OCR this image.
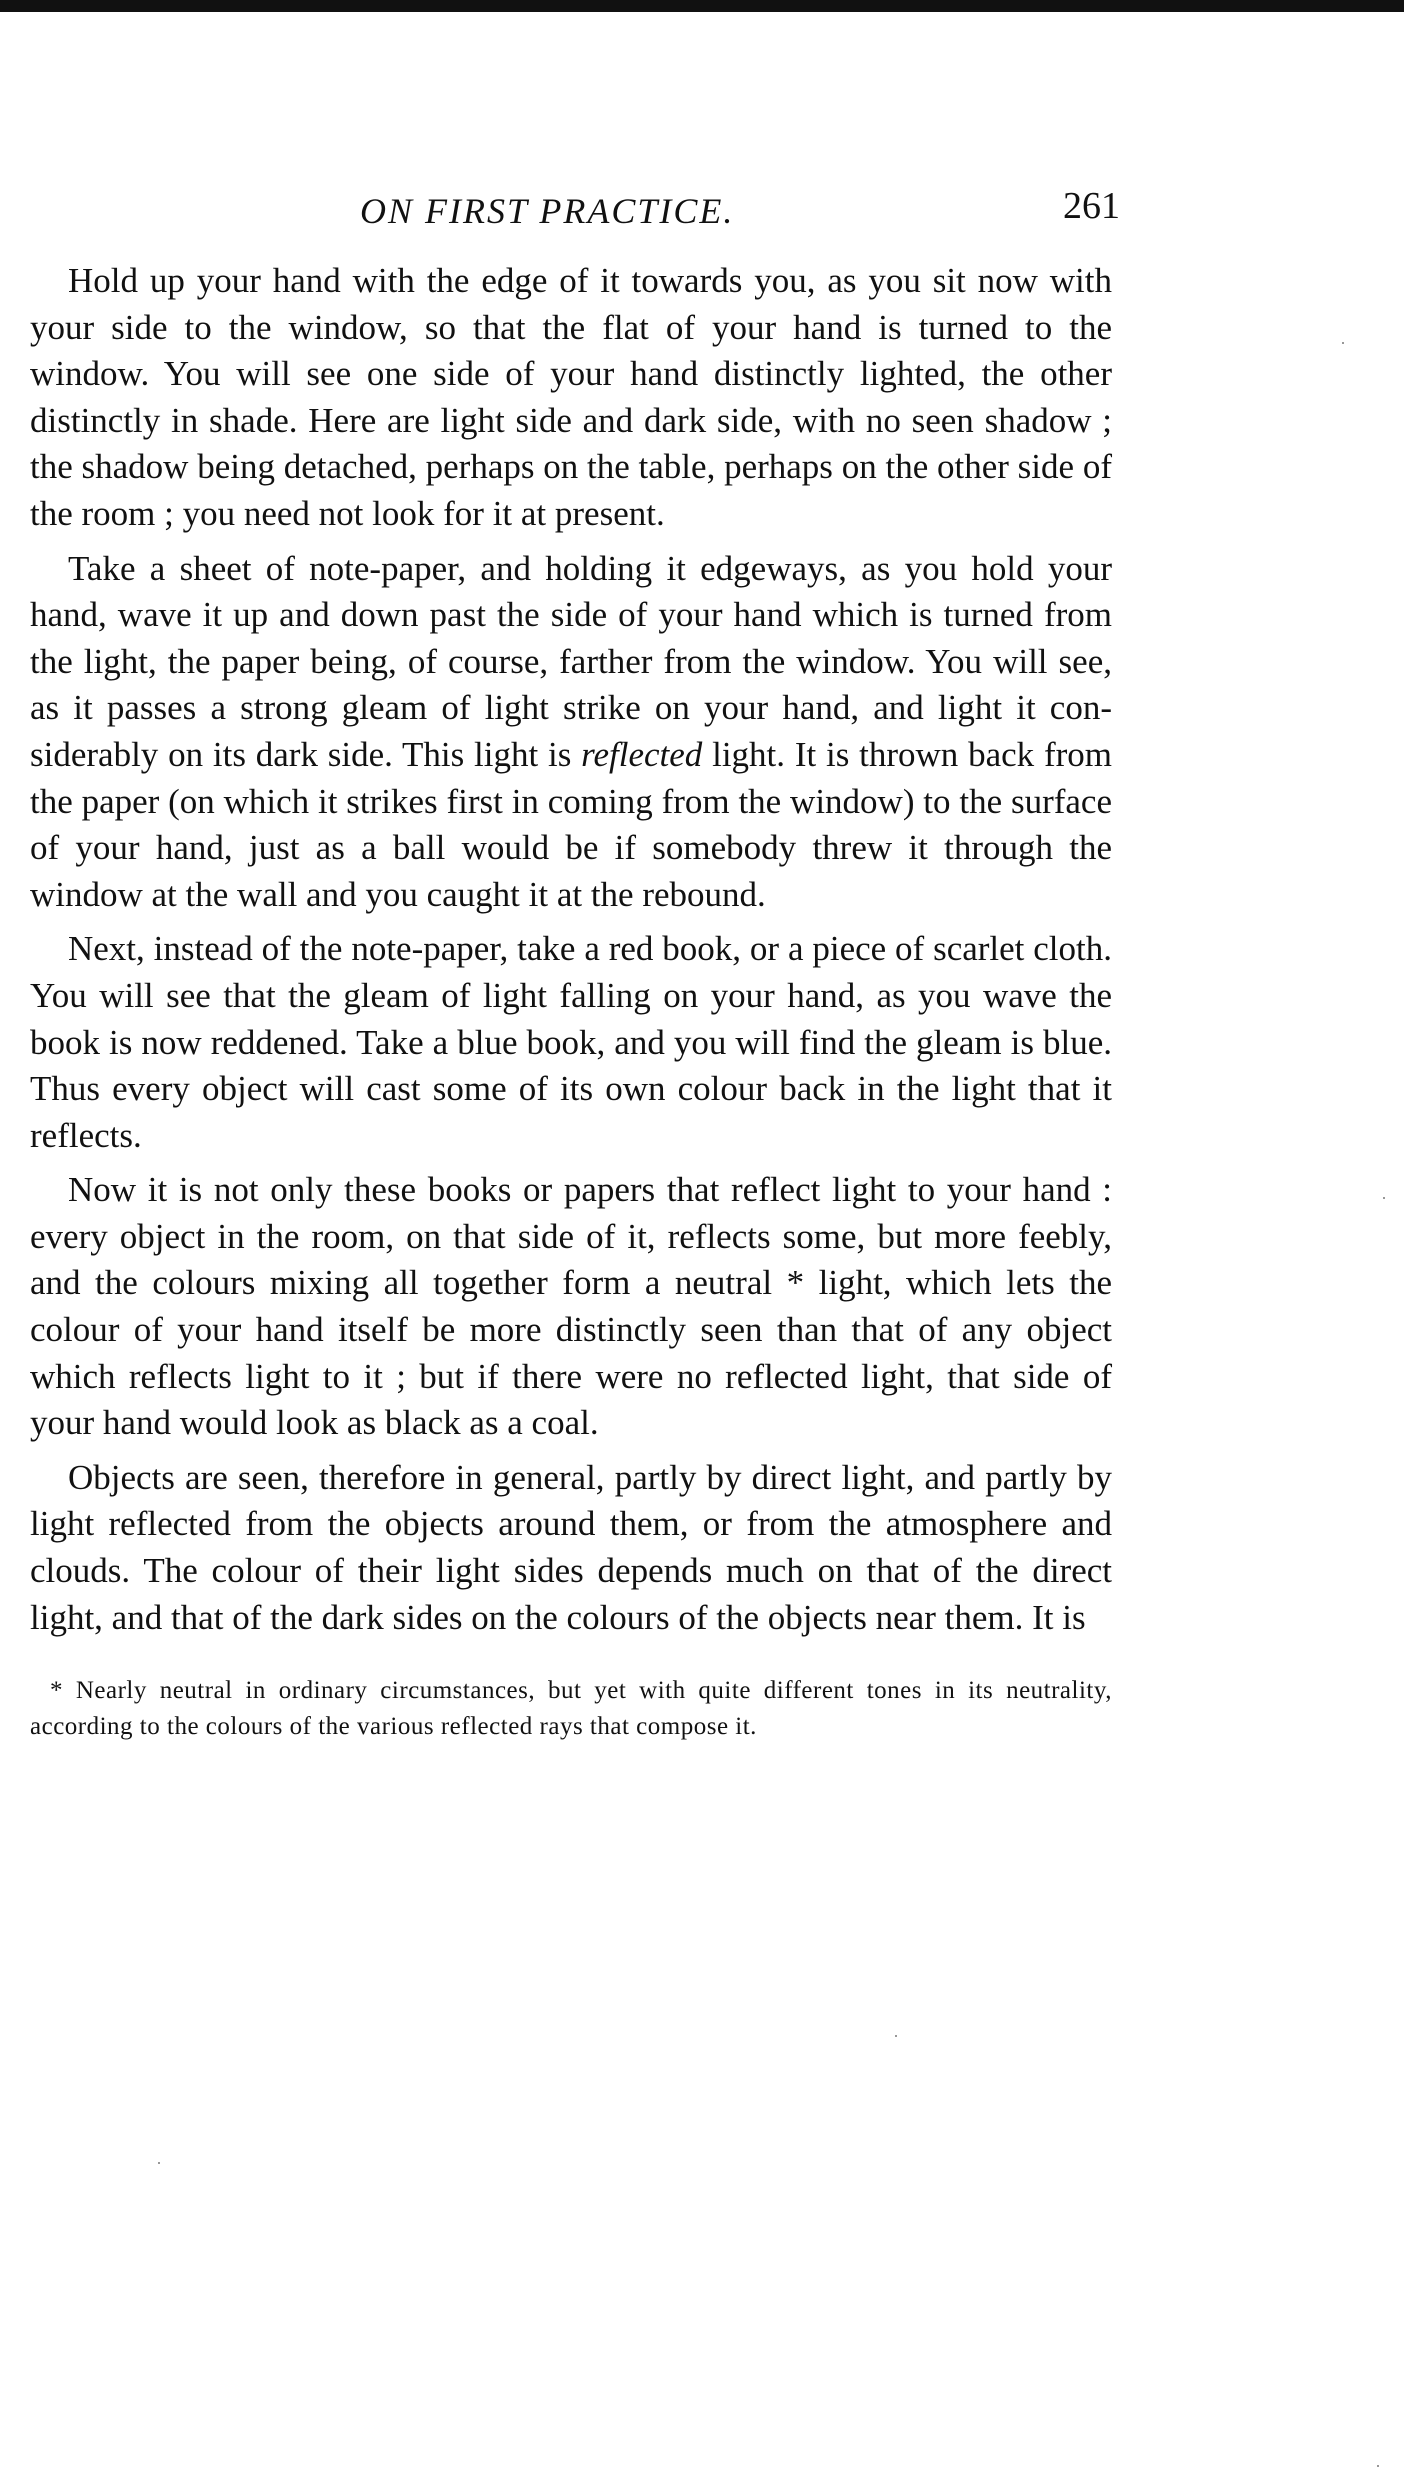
ON FIRST PRACTICE.	261

Hold up your hand with the edge of it towards you, as you sit now with your side to the window, so that the flat of your hand is turned to the window. You will see one side of your hand distinctly lighted, the other distinctly in shade. Here are light side and dark side, with no seen shadow ; the shadow being detached, perhaps on the table, perhaps on the other side of the room ; you need not look for it at present.

Take a sheet of note-paper, and holding it edgeways, as you hold your hand, wave it up and down past the side of your hand which is turned from the light, the paper being, of course, farther from the window. You will see, as it passes a strong gleam of light strike on your hand, and light it considerably on its dark side. This light is reflected light. It is thrown back from the paper (on which it strikes first in coming from the window) to the surface of your hand, just as a ball would be if somebody threw it through the window at the wall and you caught it at the rebound.

Next, instead of the note-paper, take a red book, or a piece of scarlet cloth. You will see that the gleam of light falling on your hand, as you wave the book is now reddened. Take a blue book, and you will find the gleam is blue. Thus every object will cast some of its own colour back in the light that it reflects.

Now it is not only these books or papers that reflect light to your hand : every object in the room, on that side of it, reflects some, but more feebly, and the colours mixing all together form a neutral * light, which lets the colour of your hand itself be more distinctly seen than that of any object which reflects light to it ; but if there were no reflected light, that side of your hand would look as black as a coal.

Objects are seen, therefore in general, partly by direct light, and partly by light reflected from the objects around them, or from the atmosphere and clouds. The colour of their light sides depends much on that of the direct light, and that of the dark sides on the colours of the objects near them. It is

* Nearly neutral in ordinary circumstances, but yet with quite different tones in its neutrality, according to the colours of the various reflected rays that compose it.
